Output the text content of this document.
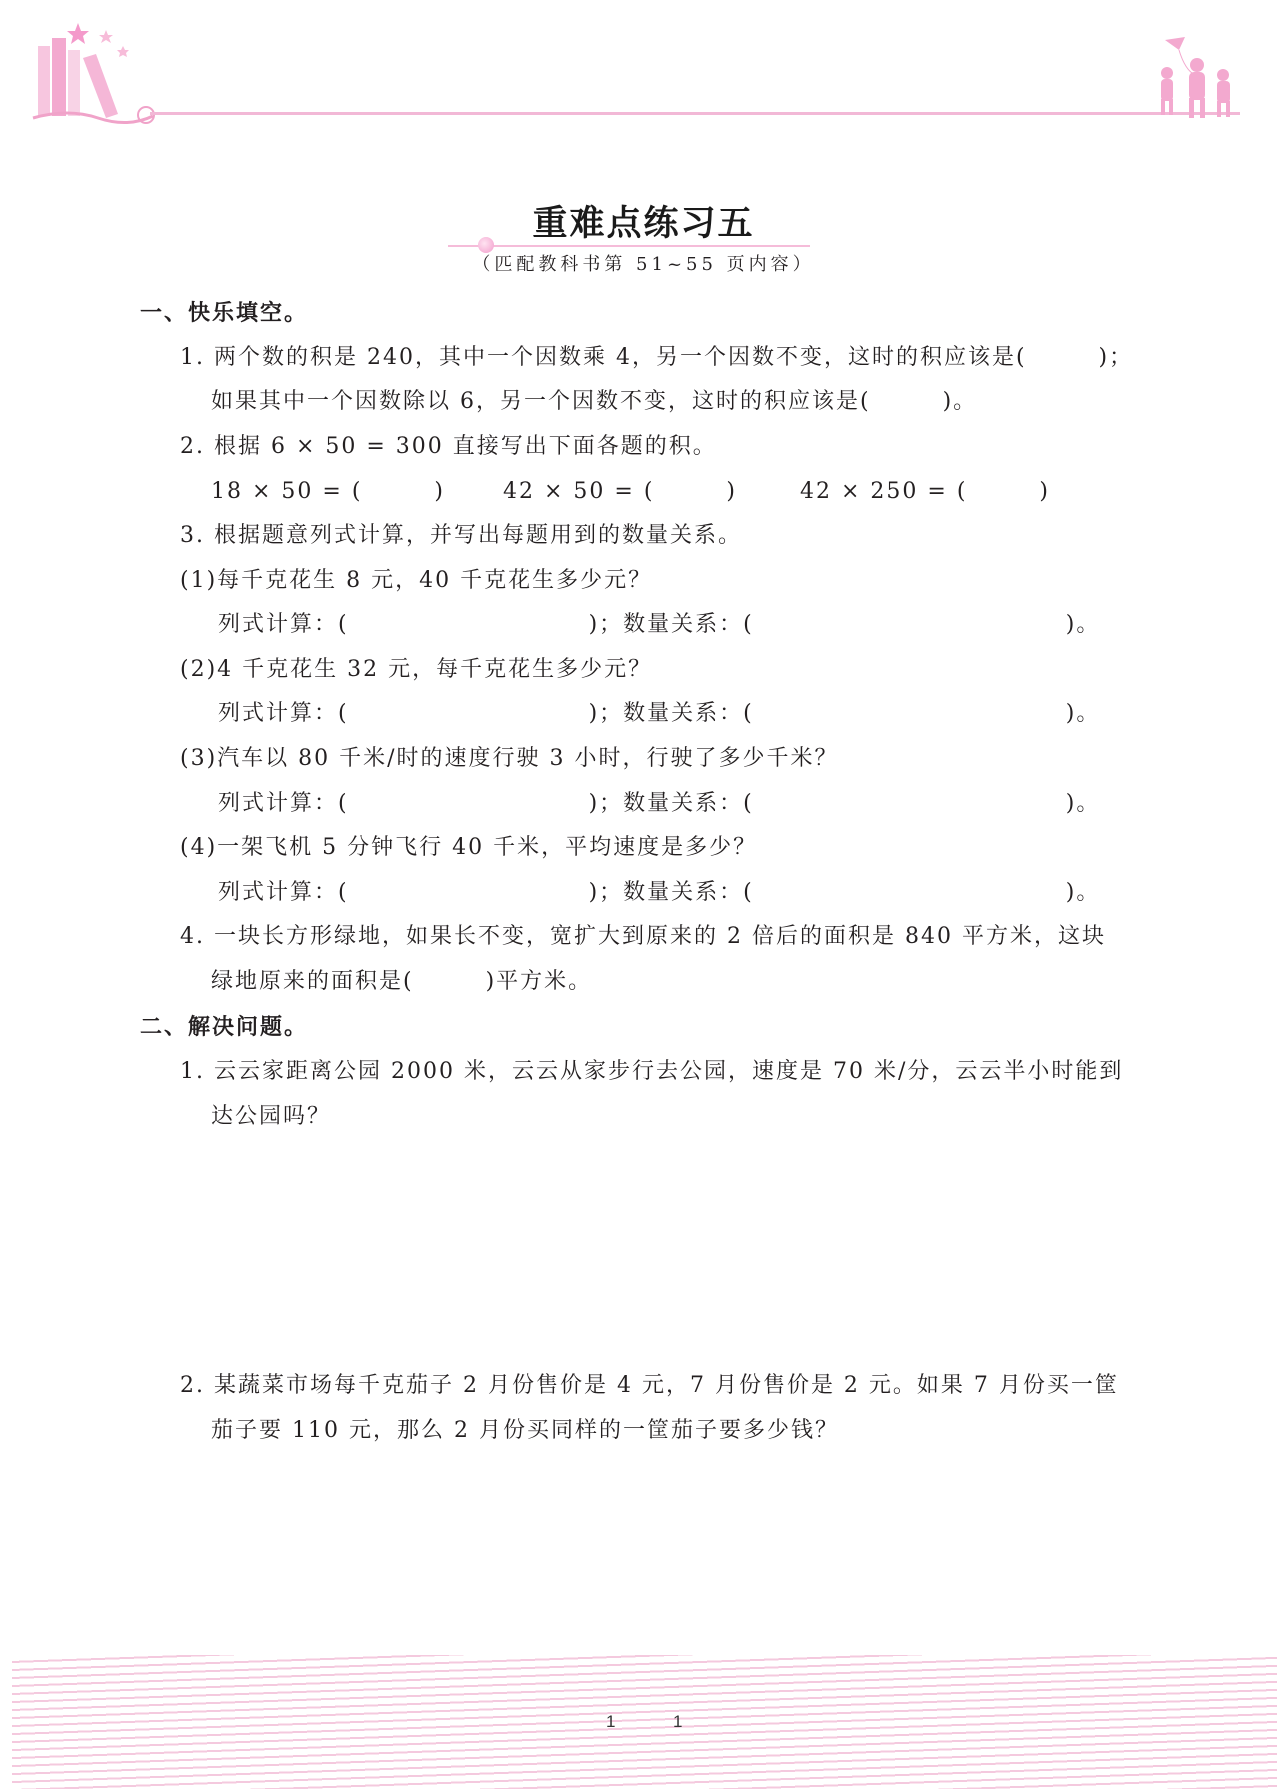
重难点练习五
（匹配教科书第 51~55 页内容）
一、快乐填空。
1. 两个数的积是 240，其中一个因数乘 4，另一个因数不变，这时的积应该是(　　　)；
如果其中一个因数除以 6，另一个因数不变，这时的积应该是(　　　)。
2. 根据 6 × 50 = 300 直接写出下面各题的积。
18 × 50 = (　　　)	42 × 50 = (　　　)	42 × 250 = (　　　)
3. 根据题意列式计算，并写出每题用到的数量关系。
(1)每千克花生 8 元，40 千克花生多少元？
列式计算：(　　　　　　　　　　)；数量关系：(　　　　　　　　　　　　　)。
(2)4 千克花生 32 元，每千克花生多少元？
列式计算：(　　　　　　　　　　)；数量关系：(　　　　　　　　　　　　　)。
(3)汽车以 80 千米/时的速度行驶 3 小时，行驶了多少千米？
列式计算：(　　　　　　　　　　)；数量关系：(　　　　　　　　　　　　　)。
(4)一架飞机 5 分钟飞行 40 千米，平均速度是多少？
列式计算：(　　　　　　　　　　)；数量关系：(　　　　　　　　　　　　　)。
4. 一块长方形绿地，如果长不变，宽扩大到原来的 2 倍后的面积是 840 平方米，这块
绿地原来的面积是(　　　)平方米。
二、解决问题。
1. 云云家距离公园 2000 米，云云从家步行去公园，速度是 70 米/分，云云半小时能到
达公园吗？
2. 某蔬菜市场每千克茄子 2 月份售价是 4 元，7 月份售价是 2 元。如果 7 月份买一筐
茄子要 110 元，那么 2 月份买同样的一筐茄子要多少钱？
1	1
